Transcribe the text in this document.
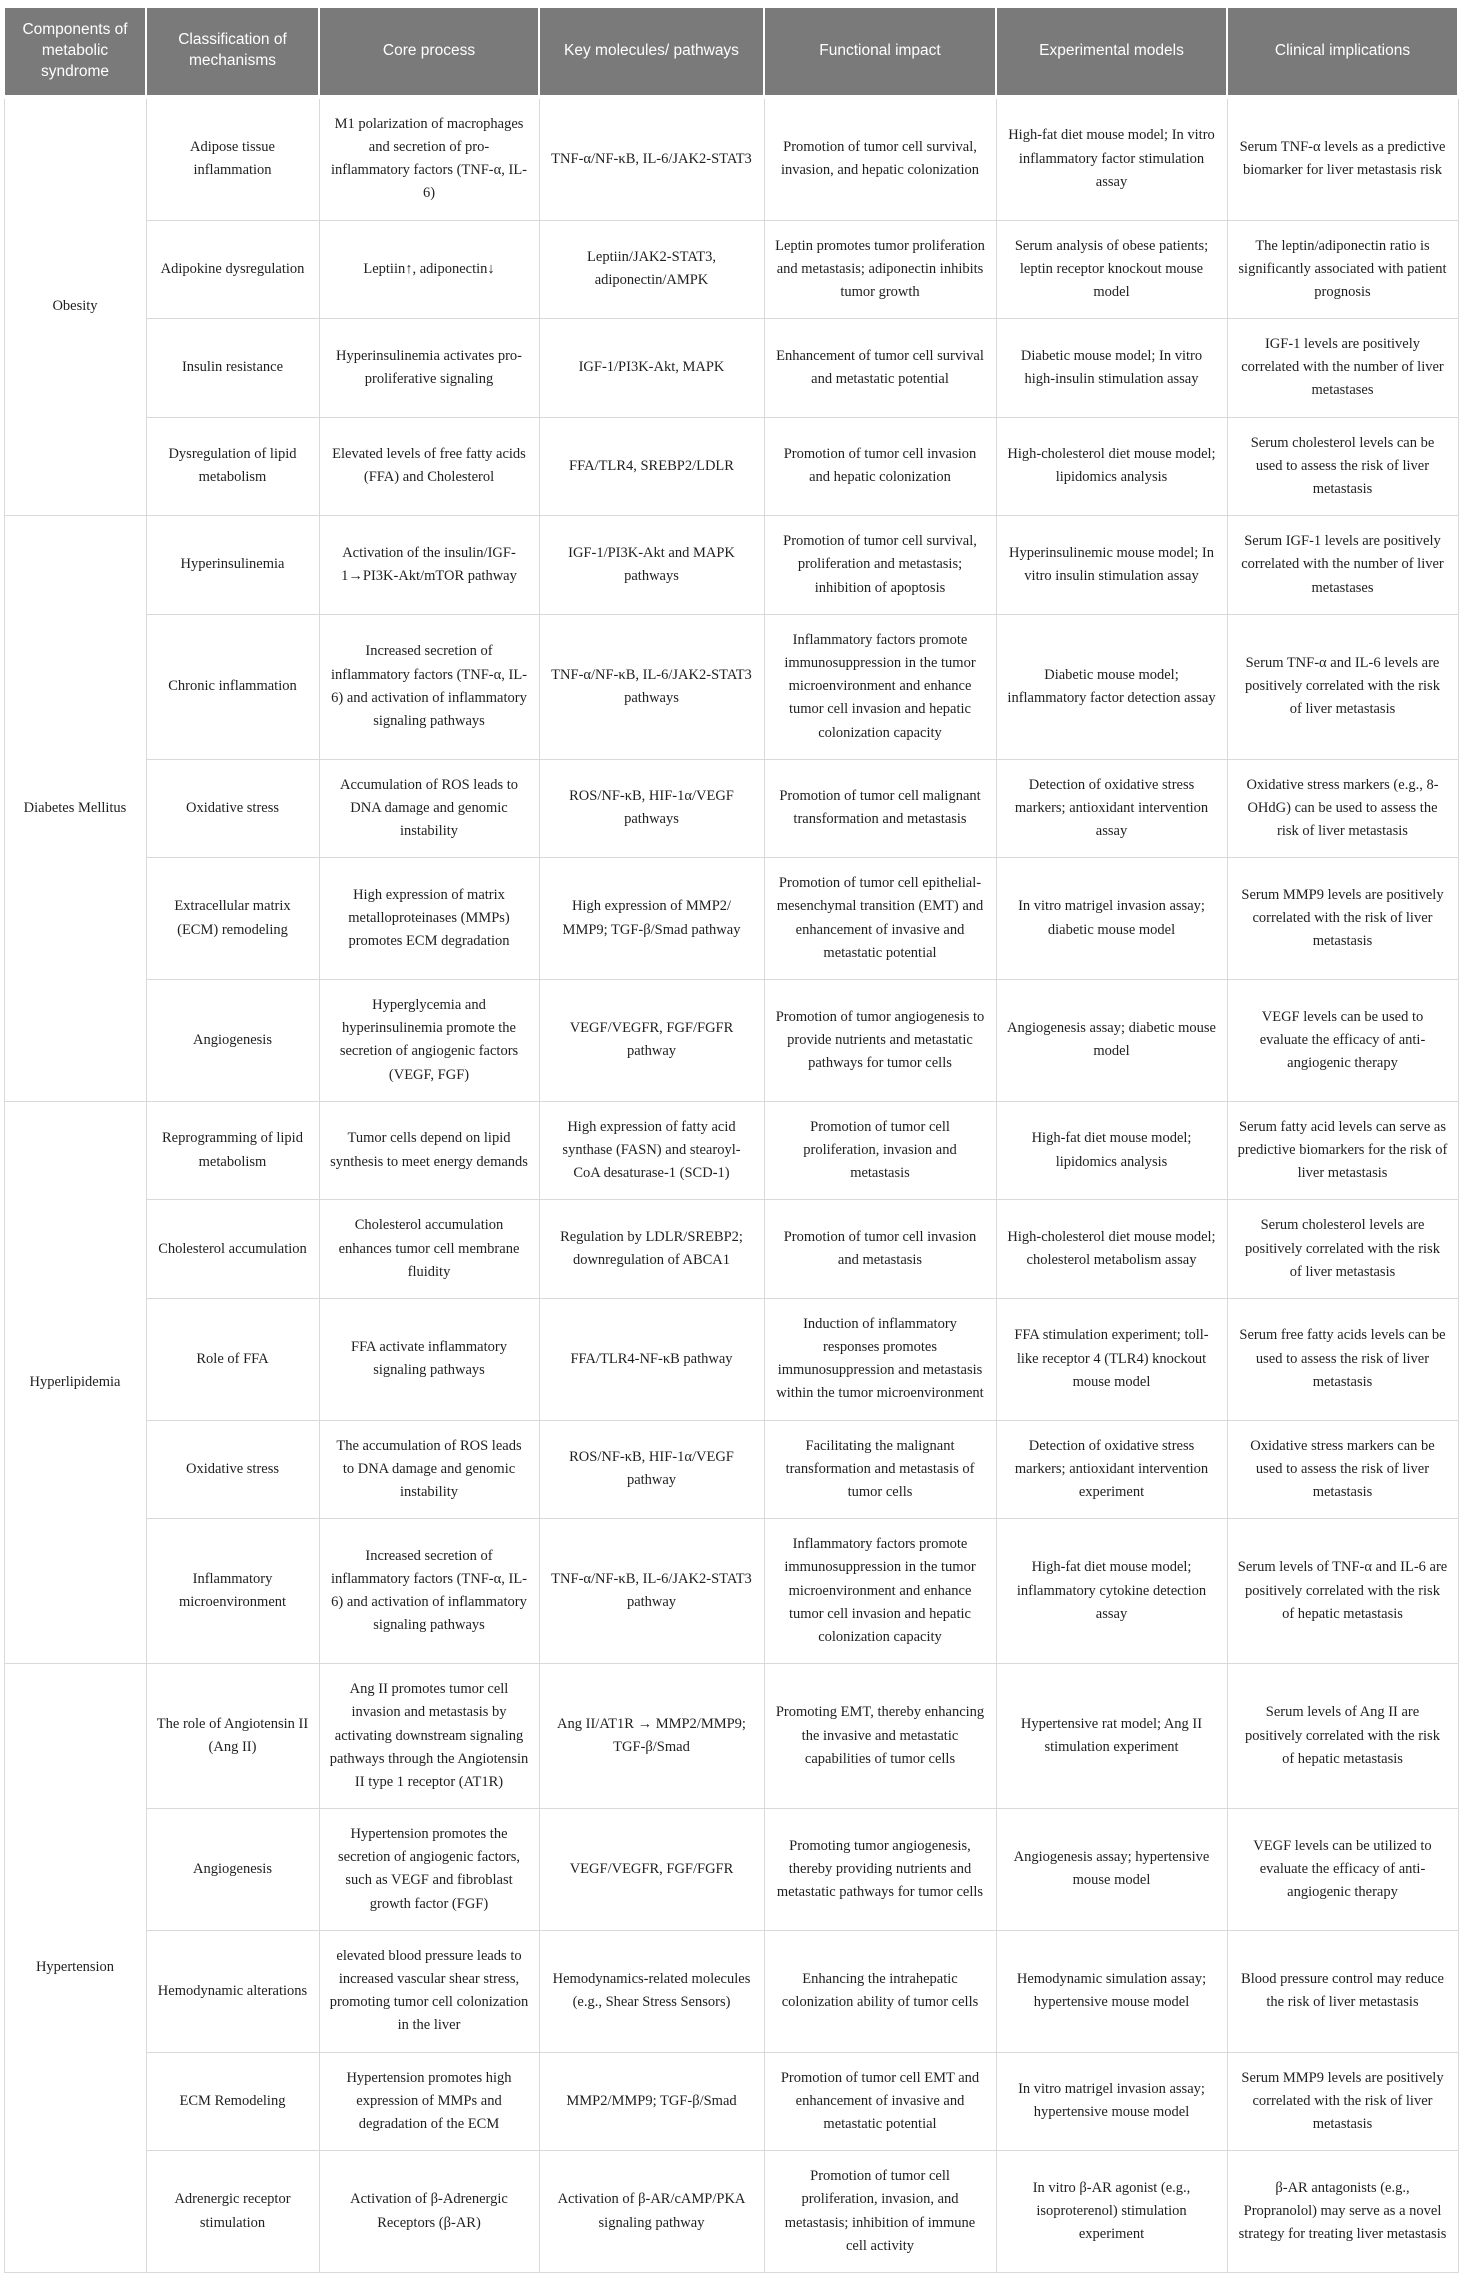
Components of metabolic syndrome	Classification of mechanisms	Core process	Key molecules/ pathways	Functional impact	Experimental models	Clinical implications
Obesity	Adipose tissue inflammation	M1 polarization of macrophages and secretion of pro-inflammatory factors (TNF-α, IL-6)	TNF-α/NF-κB, IL-6/JAK2-STAT3	Promotion of tumor cell survival, invasion, and hepatic colonization	High-fat diet mouse model; In vitro inflammatory factor stimulation assay	Serum TNF-α levels as a predictive biomarker for liver metastasis risk
	Adipokine dysregulation	Leptiin↑, adiponectin↓	Leptiin/JAK2-STAT3, adiponectin/AMPK	Leptin promotes tumor proliferation and metastasis; adiponectin inhibits tumor growth	Serum analysis of obese patients; leptin receptor knockout mouse model	The leptin/adiponectin ratio is significantly associated with patient prognosis
	Insulin resistance	Hyperinsulinemia activates pro-proliferative signaling	IGF-1/PI3K-Akt, MAPK	Enhancement of tumor cell survival and metastatic potential	Diabetic mouse model; In vitro high-insulin stimulation assay	IGF-1 levels are positively correlated with the number of liver metastases
	Dysregulation of lipid metabolism	Elevated levels of free fatty acids (FFA) and Cholesterol	FFA/TLR4, SREBP2/LDLR	Promotion of tumor cell invasion and hepatic colonization	High-cholesterol diet mouse model; lipidomics analysis	Serum cholesterol levels can be used to assess the risk of liver metastasis
Diabetes Mellitus	Hyperinsulinemia	Activation of the insulin/IGF-1→PI3K-Akt/mTOR pathway	IGF-1/PI3K-Akt and MAPK pathways	Promotion of tumor cell survival, proliferation and metastasis; inhibition of apoptosis	Hyperinsulinemic mouse model; In vitro insulin stimulation assay	Serum IGF-1 levels are positively correlated with the number of liver metastases
	Chronic inflammation	Increased secretion of inflammatory factors (TNF-α, IL-6) and activation of inflammatory signaling pathways	TNF-α/NF-κB, IL-6/JAK2-STAT3 pathways	Inflammatory factors promote immunosuppression in the tumor microenvironment and enhance tumor cell invasion and hepatic colonization capacity	Diabetic mouse model; inflammatory factor detection assay	Serum TNF-α and IL-6 levels are positively correlated with the risk of liver metastasis
	Oxidative stress	Accumulation of ROS leads to DNA damage and genomic instability	ROS/NF-κB, HIF-1α/VEGF pathways	Promotion of tumor cell malignant transformation and metastasis	Detection of oxidative stress markers; antioxidant intervention assay	Oxidative stress markers (e.g., 8-OHdG) can be used to assess the risk of liver metastasis
	Extracellular matrix (ECM) remodeling	High expression of matrix metalloproteinases (MMPs) promotes ECM degradation	High expression of MMP2/ MMP9; TGF-β/Smad pathway	Promotion of tumor cell epithelial-mesenchymal transition (EMT) and enhancement of invasive and metastatic potential	In vitro matrigel invasion assay; diabetic mouse model	Serum MMP9 levels are positively correlated with the risk of liver metastasis
	Angiogenesis	Hyperglycemia and hyperinsulinemia promote the secretion of angiogenic factors (VEGF, FGF)	VEGF/VEGFR, FGF/FGFR pathway	Promotion of tumor angiogenesis to provide nutrients and metastatic pathways for tumor cells	Angiogenesis assay; diabetic mouse model	VEGF levels can be used to evaluate the efficacy of anti-angiogenic therapy
Hyperlipidemia	Reprogramming of lipid metabolism	Tumor cells depend on lipid synthesis to meet energy demands	High expression of fatty acid synthase (FASN) and stearoyl-CoA desaturase-1 (SCD-1)	Promotion of tumor cell proliferation, invasion and metastasis	High-fat diet mouse model; lipidomics analysis	Serum fatty acid levels can serve as predictive biomarkers for the risk of liver metastasis
	Cholesterol accumulation	Cholesterol accumulation enhances tumor cell membrane fluidity	Regulation by LDLR/SREBP2; downregulation of ABCA1	Promotion of tumor cell invasion and metastasis	High-cholesterol diet mouse model; cholesterol metabolism assay	Serum cholesterol levels are positively correlated with the risk of liver metastasis
	Role of FFA	FFA activate inflammatory signaling pathways	FFA/TLR4-NF-κB pathway	Induction of inflammatory responses promotes immunosuppression and metastasis within the tumor microenvironment	FFA stimulation experiment; toll-like receptor 4 (TLR4) knockout mouse model	Serum free fatty acids levels can be used to assess the risk of liver metastasis
	Oxidative stress	The accumulation of ROS leads to DNA damage and genomic instability	ROS/NF-κB, HIF-1α/VEGF pathway	Facilitating the malignant transformation and metastasis of tumor cells	Detection of oxidative stress markers; antioxidant intervention experiment	Oxidative stress markers can be used to assess the risk of liver metastasis
	Inflammatory microenvironment	Increased secretion of inflammatory factors (TNF-α, IL-6) and activation of inflammatory signaling pathways	TNF-α/NF-κB, IL-6/JAK2-STAT3 pathway	Inflammatory factors promote immunosuppression in the tumor microenvironment and enhance tumor cell invasion and hepatic colonization capacity	High-fat diet mouse model; inflammatory cytokine detection assay	Serum levels of TNF-α and IL-6 are positively correlated with the risk of hepatic metastasis
Hypertension	The role of Angiotensin II (Ang II)	Ang II promotes tumor cell invasion and metastasis by activating downstream signaling pathways through the Angiotensin II type 1 receptor (AT1R)	Ang II/AT1R → MMP2/MMP9; TGF-β/Smad	Promoting EMT, thereby enhancing the invasive and metastatic capabilities of tumor cells	Hypertensive rat model; Ang II stimulation experiment	Serum levels of Ang II are positively correlated with the risk of hepatic metastasis
	Angiogenesis	Hypertension promotes the secretion of angiogenic factors, such as VEGF and fibroblast growth factor (FGF)	VEGF/VEGFR, FGF/FGFR	Promoting tumor angiogenesis, thereby providing nutrients and metastatic pathways for tumor cells	Angiogenesis assay; hypertensive mouse model	VEGF levels can be utilized to evaluate the efficacy of anti-angiogenic therapy
	Hemodynamic alterations	elevated blood pressure leads to increased vascular shear stress, promoting tumor cell colonization in the liver	Hemodynamics-related molecules (e.g., Shear Stress Sensors)	Enhancing the intrahepatic colonization ability of tumor cells	Hemodynamic simulation assay; hypertensive mouse model	Blood pressure control may reduce the risk of liver metastasis
	ECM Remodeling	Hypertension promotes high expression of MMPs and degradation of the ECM	MMP2/MMP9; TGF-β/Smad	Promotion of tumor cell EMT and enhancement of invasive and metastatic potential	In vitro matrigel invasion assay; hypertensive mouse model	Serum MMP9 levels are positively correlated with the risk of liver metastasis
	Adrenergic receptor stimulation	Activation of β-Adrenergic Receptors (β-AR)	Activation of β-AR/cAMP/PKA signaling pathway	Promotion of tumor cell proliferation, invasion, and metastasis; inhibition of immune cell activity	In vitro β-AR agonist (e.g., isoproterenol) stimulation experiment	β-AR antagonists (e.g., Propranolol) may serve as a novel strategy for treating liver metastasis
